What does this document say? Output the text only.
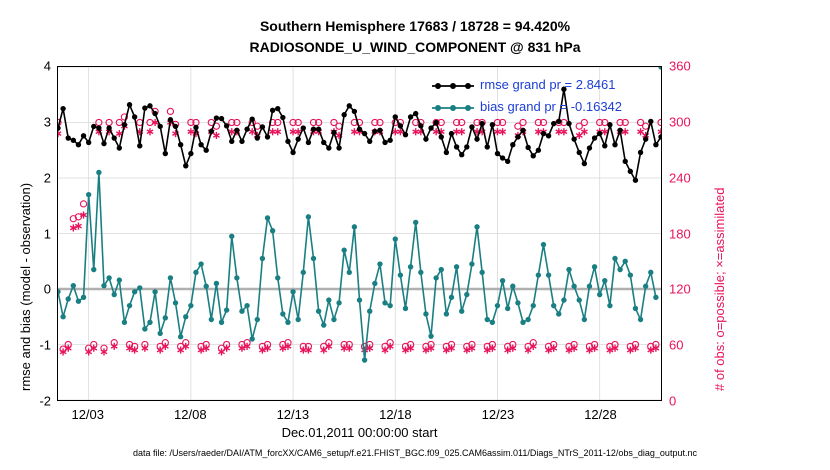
Southern Hemisphere 17683 / 18728 = 94.420%
RADIOSONDE_U_WIND_COMPONENT @ 831 hPa
rmse and bias (model - observation)	# of obs: o=possible; ×=assimilated
4
3
2
1
0
-1
-2
360
300
240
180
120
60
0
12/03	12/08	12/13	12/18	12/23	12/28
rmse grand pr = 2.8461
bias grand pr = -0.16342
Dec.01,2011 00:00:00 start
data file: /Users/raeder/DAI/ATM_forcXX/CAM6_setup/f.e21.FHIST_BGC.f09_025.CAM6assim.011/Diags_NTrS_2011-12/obs_diag_output.nc
